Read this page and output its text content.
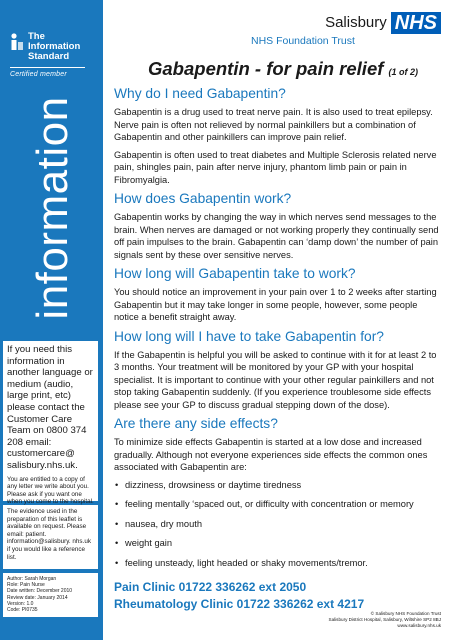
The
Information
Standard
Certified member
information
If you need this information in another language or medium (audio, large print, etc) please contact the Customer Care Team on 0800 374 208 email: customercare@ salisbury.nhs.uk.
You are entitled to a copy of any letter we write about you. Please ask if you want one when you come to the hospital.
The evidence used in the preparation of this leaflet is available on request. Please email: patient. information@salisbury. nhs.uk if you would like a reference list.
Author: Sarah Morgan
Role: Pain Nurse
Date written: December 2010
Review date: January 2014
Version: 1.0
Code: PI0735
Salisbury NHS
NHS Foundation Trust
Gabapentin - for pain relief (1 of 2)
Why do I need Gabapentin?

Gabapentin is a drug used to treat nerve pain. It is also used to treat epilepsy. Nerve pain is often not relieved by normal painkillers but a combination of Gabapentin and other painkillers can improve pain relief.

Gabapentin is often used to treat diabetes and Multiple Sclerosis related nerve pain, shingles pain, pain after nerve injury, phantom limb pain or pain in Fibromyalgia.

How does Gabapentin work?

Gabapentin works by changing the way in which nerves send messages to the brain. When nerves are damaged or not working properly they continually send off pain impulses to the brain. Gabapentin can ‘damp down’ the number of pain signals sent by these over sensitive nerves.

How long will Gabapentin take to work?

You should notice an improvement in your pain over 1 to 2 weeks after starting Gabapentin but it may take longer in some people, however, some people notice a benefit straight away.

How long will I have to take Gabapentin for?

If the Gabapentin is helpful you will be asked to continue with it for at least 2 to 3 months. Your treatment will be monitored by your GP with your hospital specialist. It is important to continue with your other regular painkillers and not stop taking Gabapentin suddenly. (If you experience troublesome side effects please see your GP to discuss gradual stepping down of the dose).

Are there any side effects?

To minimize side effects Gabapentin is started at a low dose and increased gradually. Although not everyone experiences side effects the common ones associated with Gabapentin are:

• dizziness, drowsiness or daytime tiredness
• feeling mentally ‘spaced out, or difficulty with concentration or memory
• nausea, dry mouth
• weight gain
• feeling unsteady, light headed or shaky movements/tremor.
Pain Clinic 01722 336262 ext 2050
Rheumatology Clinic 01722 336262 ext 4217
© Salisbury NHS Foundation Trust
Salisbury District Hospital, Salisbury, Wiltshire SP2 8BJ
www.salisbury.nhs.uk
